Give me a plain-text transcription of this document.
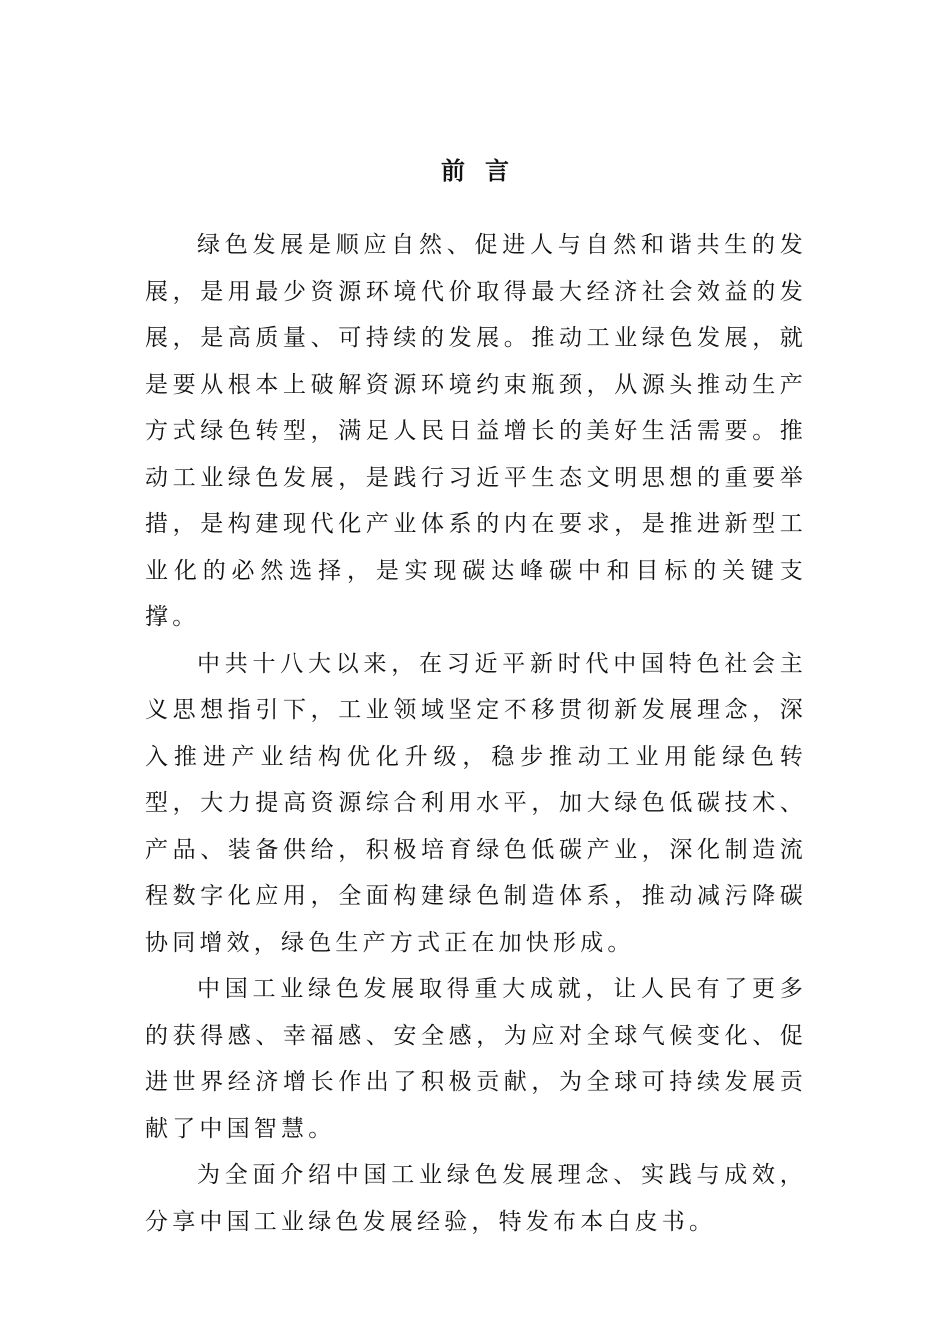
前言

绿色发展是顺应自然、促进人与自然和谐共生的发展，是用最少资源环境代价取得最大经济社会效益的发展，是高质量、可持续的发展。推动工业绿色发展，就是要从根本上破解资源环境约束瓶颈，从源头推动生产方式绿色转型，满足人民日益增长的美好生活需要。推动工业绿色发展，是践行习近平生态文明思想的重要举措，是构建现代化产业体系的内在要求，是推进新型工业化的必然选择，是实现碳达峰碳中和目标的关键支撑。

中共十八大以来，在习近平新时代中国特色社会主义思想指引下，工业领域坚定不移贯彻新发展理念，深入推进产业结构优化升级，稳步推动工业用能绿色转型，大力提高资源综合利用水平，加大绿色低碳技术、产品、装备供给，积极培育绿色低碳产业，深化制造流程数字化应用，全面构建绿色制造体系，推动减污降碳协同增效，绿色生产方式正在加快形成。

中国工业绿色发展取得重大成就，让人民有了更多的获得感、幸福感、安全感，为应对全球气候变化、促进世界经济增长作出了积极贡献，为全球可持续发展贡献了中国智慧。

为全面介绍中国工业绿色发展理念、实践与成效，分享中国工业绿色发展经验，特发布本白皮书。
